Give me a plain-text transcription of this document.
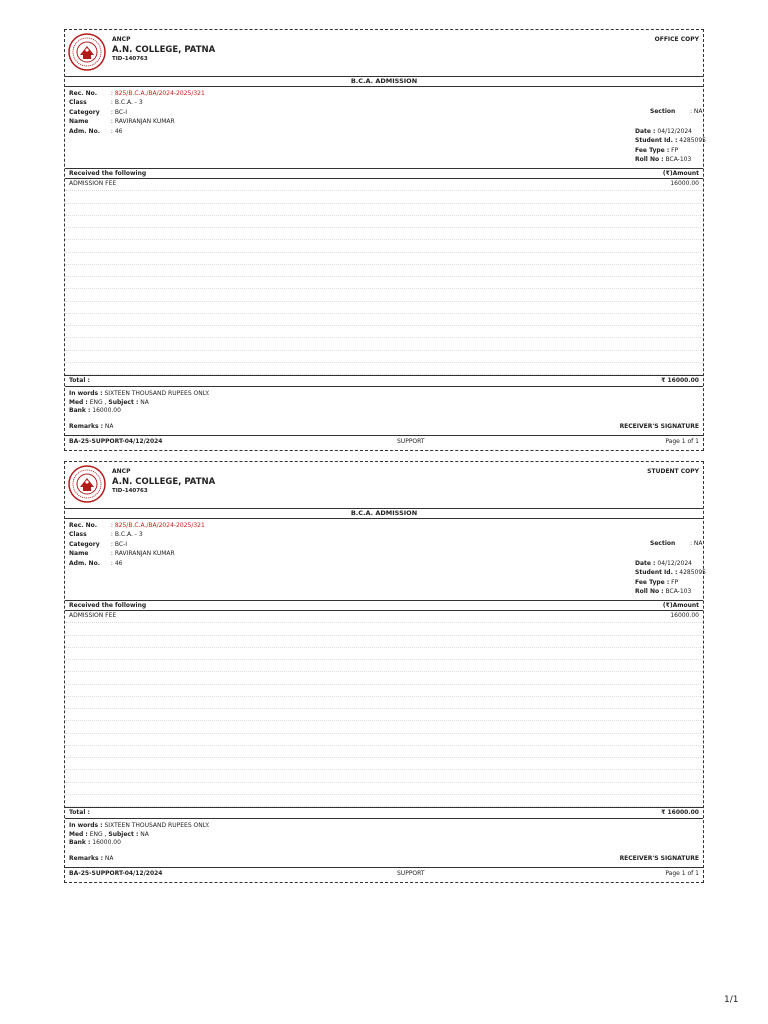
ANCP
A.N. COLLEGE, PATNA
TID-140763
OFFICE COPY
B.C.A. ADMISSION
Rec. No. : 825/B.C.A./BA/2024-2025/321
Class	: B.C.A. - 3
Category : BC-I
Name	: RAVIRANJAN KUMAR
Adm. No. : 46
Section : NA
Date : 04/12/2024
Student Id. : 4285095
Fee Type : FP
Roll No : BCA-103
Received the following	(₹)Amount
ADMISSION FEE	16000.00
Total :	₹ 16000.00
In words : SIXTEEN THOUSAND RUPEES ONLY.
Med : ENG , Subject : NA
Bank : 16000.00
Remarks : NA	RECEIVER'S SIGNATURE
BA-25-SUPPORT-04/12/2024	SUPPORT	Page 1 of 1
ANCP
A.N. COLLEGE, PATNA
TID-140763
STUDENT COPY
B.C.A. ADMISSION
Rec. No. : 825/B.C.A./BA/2024-2025/321
Class	: B.C.A. - 3
Category : BC-I
Name	: RAVIRANJAN KUMAR
Adm. No. : 46
Section : NA
Date : 04/12/2024
Student Id. : 4285095
Fee Type : FP
Roll No : BCA-103
Received the following	(₹)Amount
ADMISSION FEE	16000.00
Total :	₹ 16000.00
In words : SIXTEEN THOUSAND RUPEES ONLY.
Med : ENG , Subject : NA
Bank : 16000.00
Remarks : NA	RECEIVER'S SIGNATURE
BA-25-SUPPORT-04/12/2024	SUPPORT	Page 1 of 1
1/1
